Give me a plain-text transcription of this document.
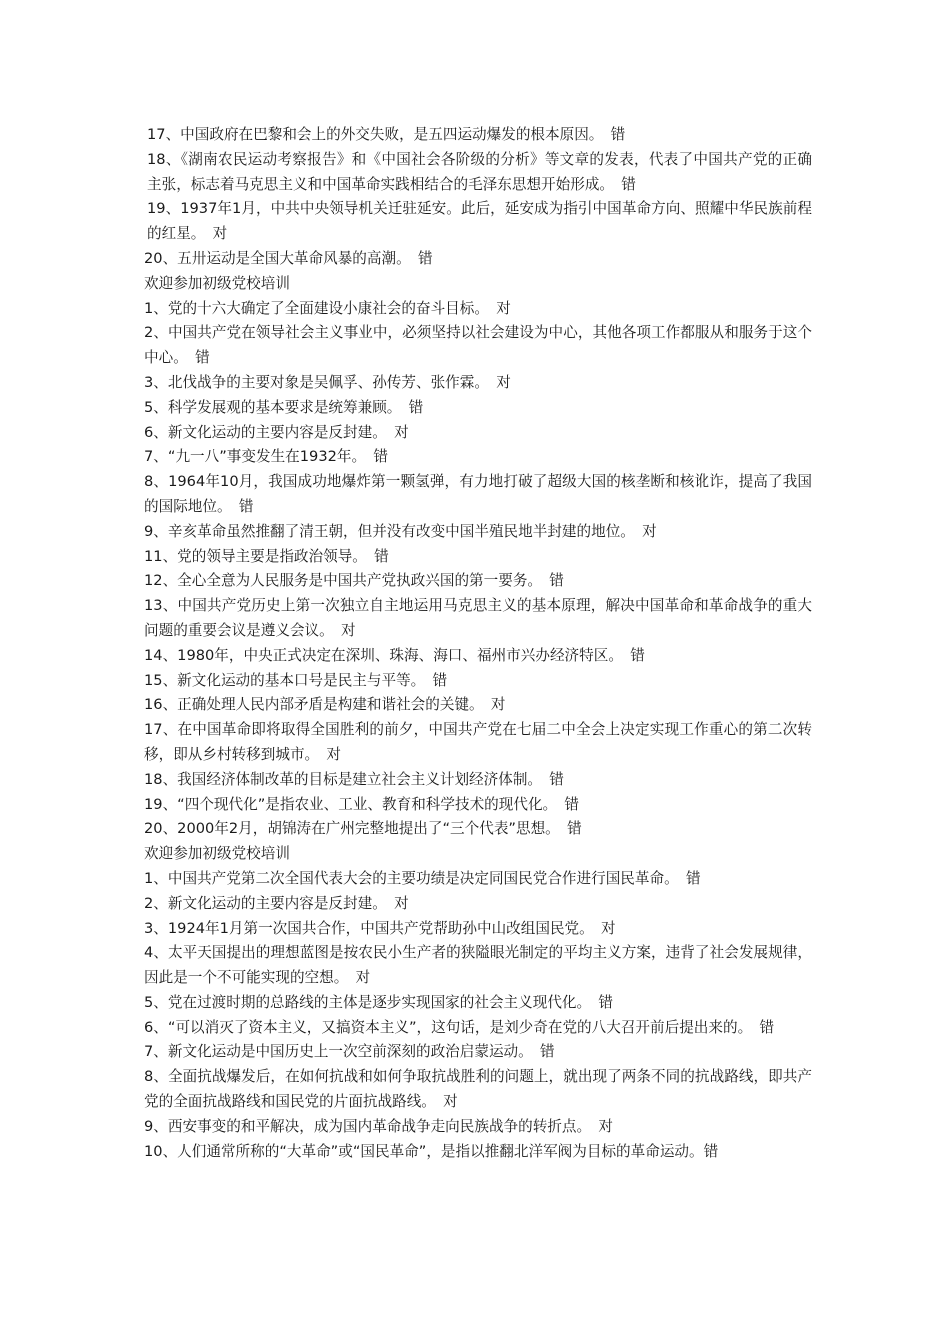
17、中国政府在巴黎和会上的外交失败，是五四运动爆发的根本原因。　错

18、《湖南农民运动考察报告》和《中国社会各阶级的分析》等文章的发表，代表了中国共产党的正确主张，标志着马克思主义和中国革命实践相结合的毛泽东思想开始形成。　错

19、1937年1月，中共中央领导机关迁驻延安。此后，延安成为指引中国革命方向、照耀中华民族前程的红星。　对

20、五卅运动是全国大革命风暴的高潮。　错

欢迎参加初级党校培训

1、党的十六大确定了全面建设小康社会的奋斗目标。　对

2、中国共产党在领导社会主义事业中，必须坚持以社会建设为中心，其他各项工作都服从和服务于这个中心。　错

3、北伐战争的主要对象是吴佩孚、孙传芳、张作霖。　对

5、科学发展观的基本要求是统筹兼顾。　错

6、新文化运动的主要内容是反封建。　对

7、“九一八”事变发生在1932年。　错

8、1964年10月，我国成功地爆炸第一颗氢弹，有力地打破了超级大国的核垄断和核讹诈，提高了我国的国际地位。　错

9、辛亥革命虽然推翻了清王朝，但并没有改变中国半殖民地半封建的地位。　对

11、党的领导主要是指政治领导。　错

12、全心全意为人民服务是中国共产党执政兴国的第一要务。　错

13、中国共产党历史上第一次独立自主地运用马克思主义的基本原理，解决中国革命和革命战争的重大问题的重要会议是遵义会议。　对

14、1980年，中央正式决定在深圳、珠海、海口、福州市兴办经济特区。　错

15、新文化运动的基本口号是民主与平等。　错

16、正确处理人民内部矛盾是构建和谐社会的关键。　对

17、在中国革命即将取得全国胜利的前夕，中国共产党在七届二中全会上决定实现工作重心的第二次转移，即从乡村转移到城市。　对

18、我国经济体制改革的目标是建立社会主义计划经济体制。　错

19、“四个现代化”是指农业、工业、教育和科学技术的现代化。　错

20、2000年2月，胡锦涛在广州完整地提出了“三个代表”思想。　错

欢迎参加初级党校培训

1、中国共产党第二次全国代表大会的主要功绩是决定同国民党合作进行国民革命。　错

2、新文化运动的主要内容是反封建。　对

3、1924年1月第一次国共合作，中国共产党帮助孙中山改组国民党。　对

4、太平天国提出的理想蓝图是按农民小生产者的狭隘眼光制定的平均主义方案，违背了社会发展规律，因此是一个不可能实现的空想。　对

5、党在过渡时期的总路线的主体是逐步实现国家的社会主义现代化。　错

6、“可以消灭了资本主义，又搞资本主义”，这句话，是刘少奇在党的八大召开前后提出来的。　错

7、新文化运动是中国历史上一次空前深刻的政治启蒙运动。　错

8、全面抗战爆发后，在如何抗战和如何争取抗战胜利的问题上，就出现了两条不同的抗战路线，即共产党的全面抗战路线和国民党的片面抗战路线。　对

9、西安事变的和平解决，成为国内革命战争走向民族战争的转折点。　对

10、人们通常所称的“大革命”或“国民革命”，是指以推翻北洋军阀为目标的革命运动。错
